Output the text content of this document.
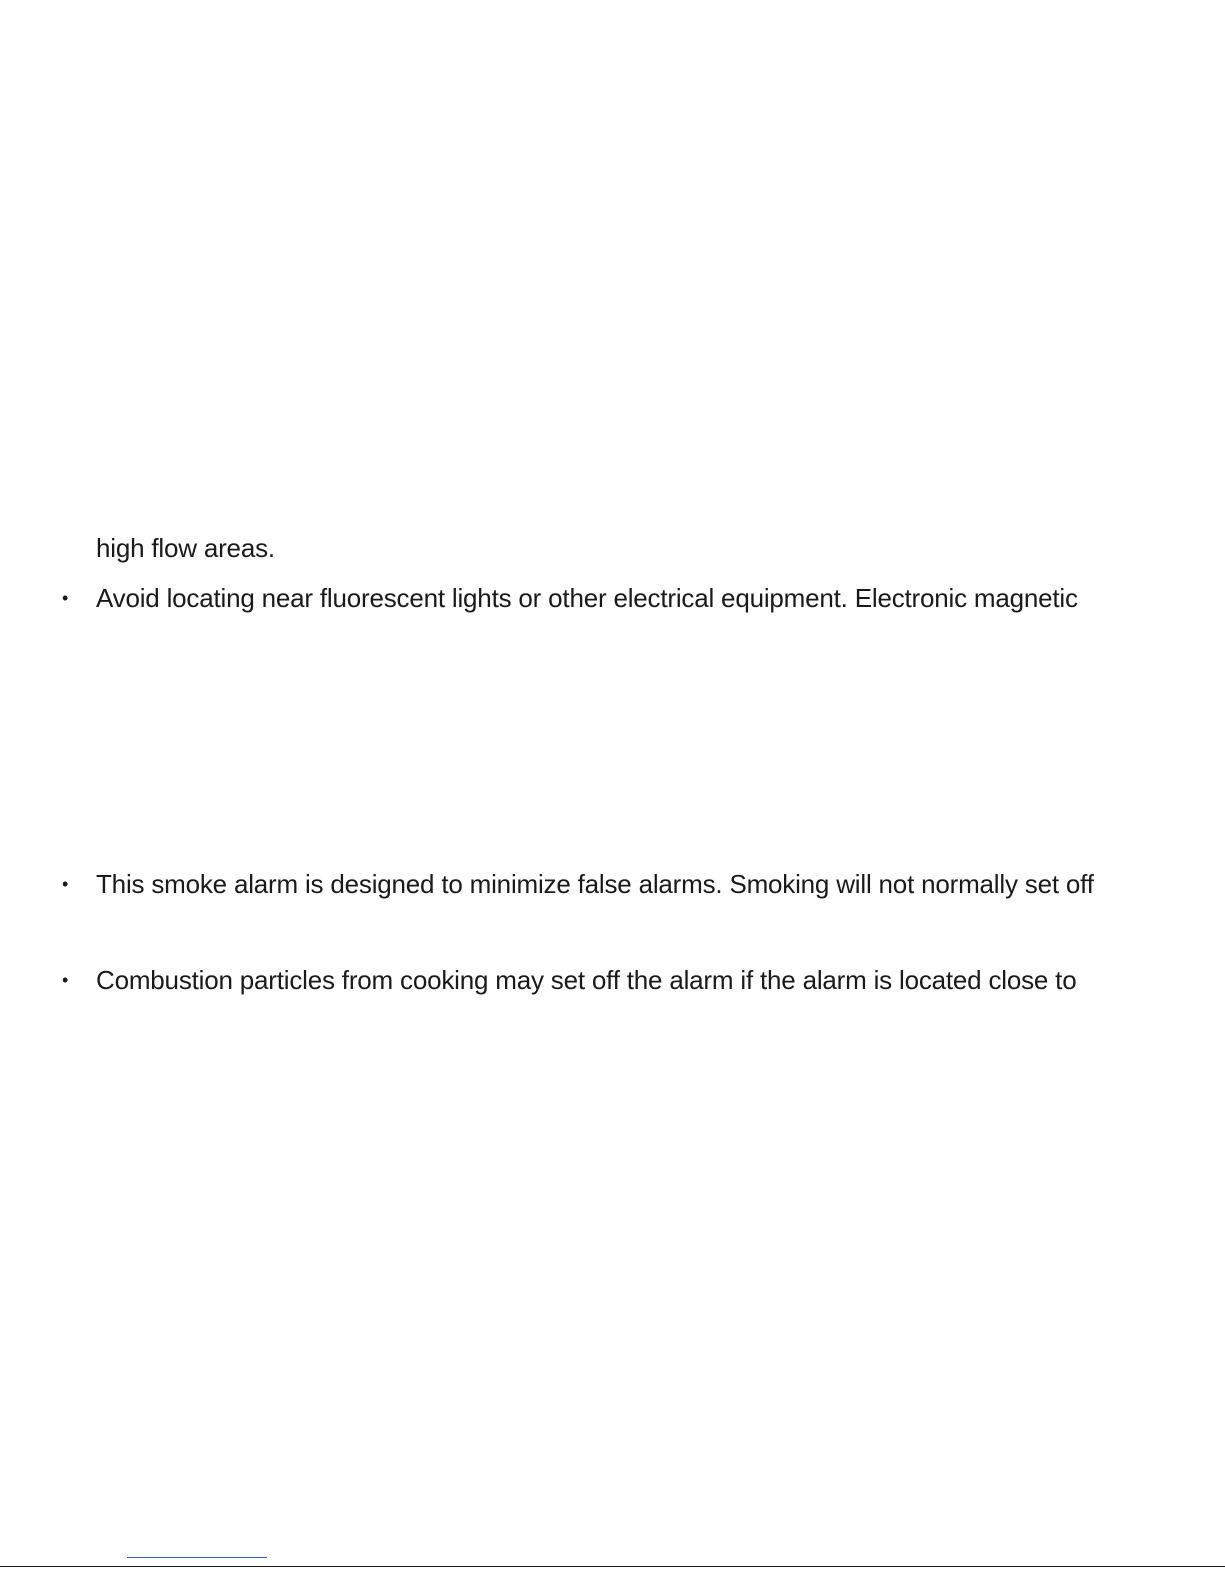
high flow areas.
• Avoid locating near fluorescent lights or other electrical equipment. Electronic magnetic
• This smoke alarm is designed to minimize false alarms. Smoking will not normally set off
• Combustion particles from cooking may set off the alarm if the alarm is located close to
